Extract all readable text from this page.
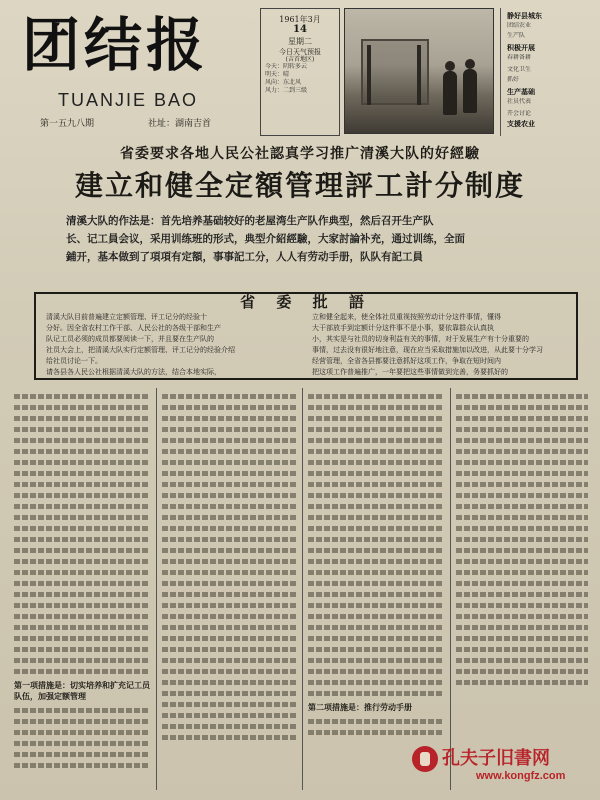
团结报
TUANJIE BAO
第一五九八期	社址：湖南吉首
1961年3月
14
星期二
今日天气预报
(吉首地区)
今天：阴转多云
明天：晴
风向：东北风
风力：二到三级
静好县城东
团结农业
生产队
积极开展
春耕备耕
文化卫生
抓好
生产基础
社员代表
开会讨论
支援农业
省委要求各地人民公社認真学习推广清溪大队的好經驗
建立和健全定額管理評工計分制度
清溪大队的作法是：首先培养基础较好的老屋湾生产队作典型，然后召开生产队
长、记工員会议，采用训练班的形式，典型介紹經驗，大家討論补充，通过训练，全面
鋪开，基本做到了項項有定額，事事記工分，人人有劳动手册，队队有記工員
省 委 批 語
清溪大队目前普遍建立定额管理、评工记分的经验十
分好。因全省农村工作干部、人民公社的各级干部和生产
队记工员必须的成员都要阅读一下，并且要在生产队的
社员大会上，把清溪大队实行定额管理、评工记分的经验介绍
给社员讨论一下。
请各县各人民公社根据清溪大队的方法，结合本地实际，
立和健全起来，使全体社员重视按照劳动计分这件事情，懂得
大干部放手到定额计分这件事不是小事，要依靠群众认真执
小，其实是与社员的切身利益有关的事情，对于发展生产有十分重要的
事情，过去没有很好地注意，现在应当采取措施加以改进，从此要十分学习
经营管理，全省各县都要注意抓好这项工作，争取在短时间内
把这项工作普遍推广，一年要把这些事情做到完善，务要抓好的
第一项措施是：切实培养和扩充记工员队伍，加强定额管理
第二项措施是：推行劳动手册
孔夫子旧書网
www.kongfz.com
